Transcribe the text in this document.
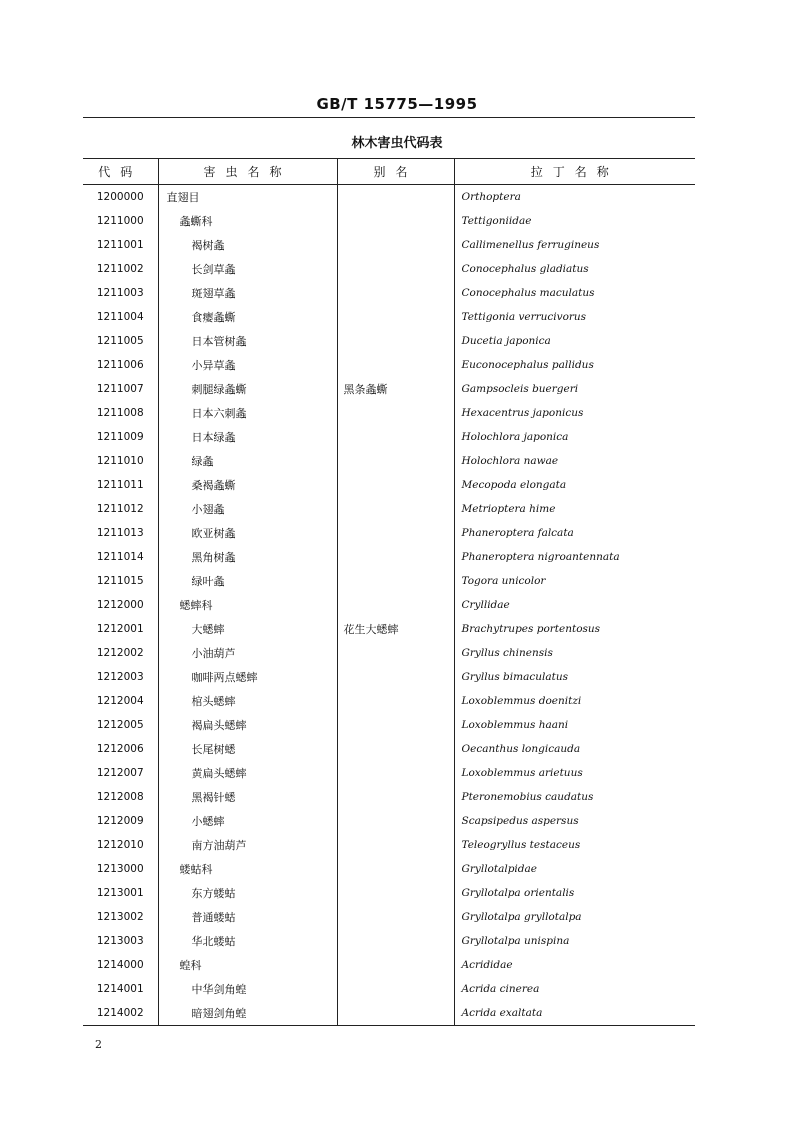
GB/T 15775—1995
林木害虫代码表
代码	害虫名称	别名	拉丁名称
1200000	直翅目		Orthoptera
1211000	螽蟖科		Tettigoniidae
1211001	褐树螽		Callimenellus ferrugineus
1211002	长剑草螽		Conocephalus gladiatus
1211003	斑翅草螽		Conocephalus maculatus
1211004	食瘿螽蟖		Tettigonia verrucivorus
1211005	日本管树螽		Ducetia japonica
1211006	小异草螽		Euconocephalus pallidus
1211007	刺腿绿螽蟖	黑条螽蟖	Gampsocleis buergeri
1211008	日本六刺螽		Hexacentrus japonicus
1211009	日本绿螽		Holochlora japonica
1211010	绿螽		Holochlora nawae
1211011	桑褐螽蟖		Mecopoda elongata
1211012	小翅螽		Metrioptera hime
1211013	欧亚树螽		Phaneroptera falcata
1211014	黑角树螽		Phaneroptera nigroantennata
1211015	绿叶螽		Togora unicolor
1212000	蟋蟀科		Cryllidae
1212001	大蟋蟀	花生大蟋蟀	Brachytrupes portentosus
1212002	小油葫芦		Gryllus chinensis
1212003	咖啡两点蟋蟀		Gryllus bimaculatus
1212004	棺头蟋蟀		Loxoblemmus doenitzi
1212005	褐扁头蟋蟀		Loxoblemmus haani
1212006	长尾树蟋		Oecanthus longicauda
1212007	黄扁头蟋蟀		Loxoblemmus arietuus
1212008	黑褐针蟋		Pteronemobius caudatus
1212009	小蟋蟀		Scapsipedus aspersus
1212010	南方油葫芦		Teleogryllus testaceus
1213000	蝼蛄科		Gryllotalpidae
1213001	东方蝼蛄		Gryllotalpa orientalis
1213002	普通蝼蛄		Gryllotalpa gryllotalpa
1213003	华北蝼蛄		Gryllotalpa unispina
1214000	蝗科		Acrididae
1214001	中华剑角蝗		Acrida cinerea
1214002	暗翅剑角蝗		Acrida exaltata
2
